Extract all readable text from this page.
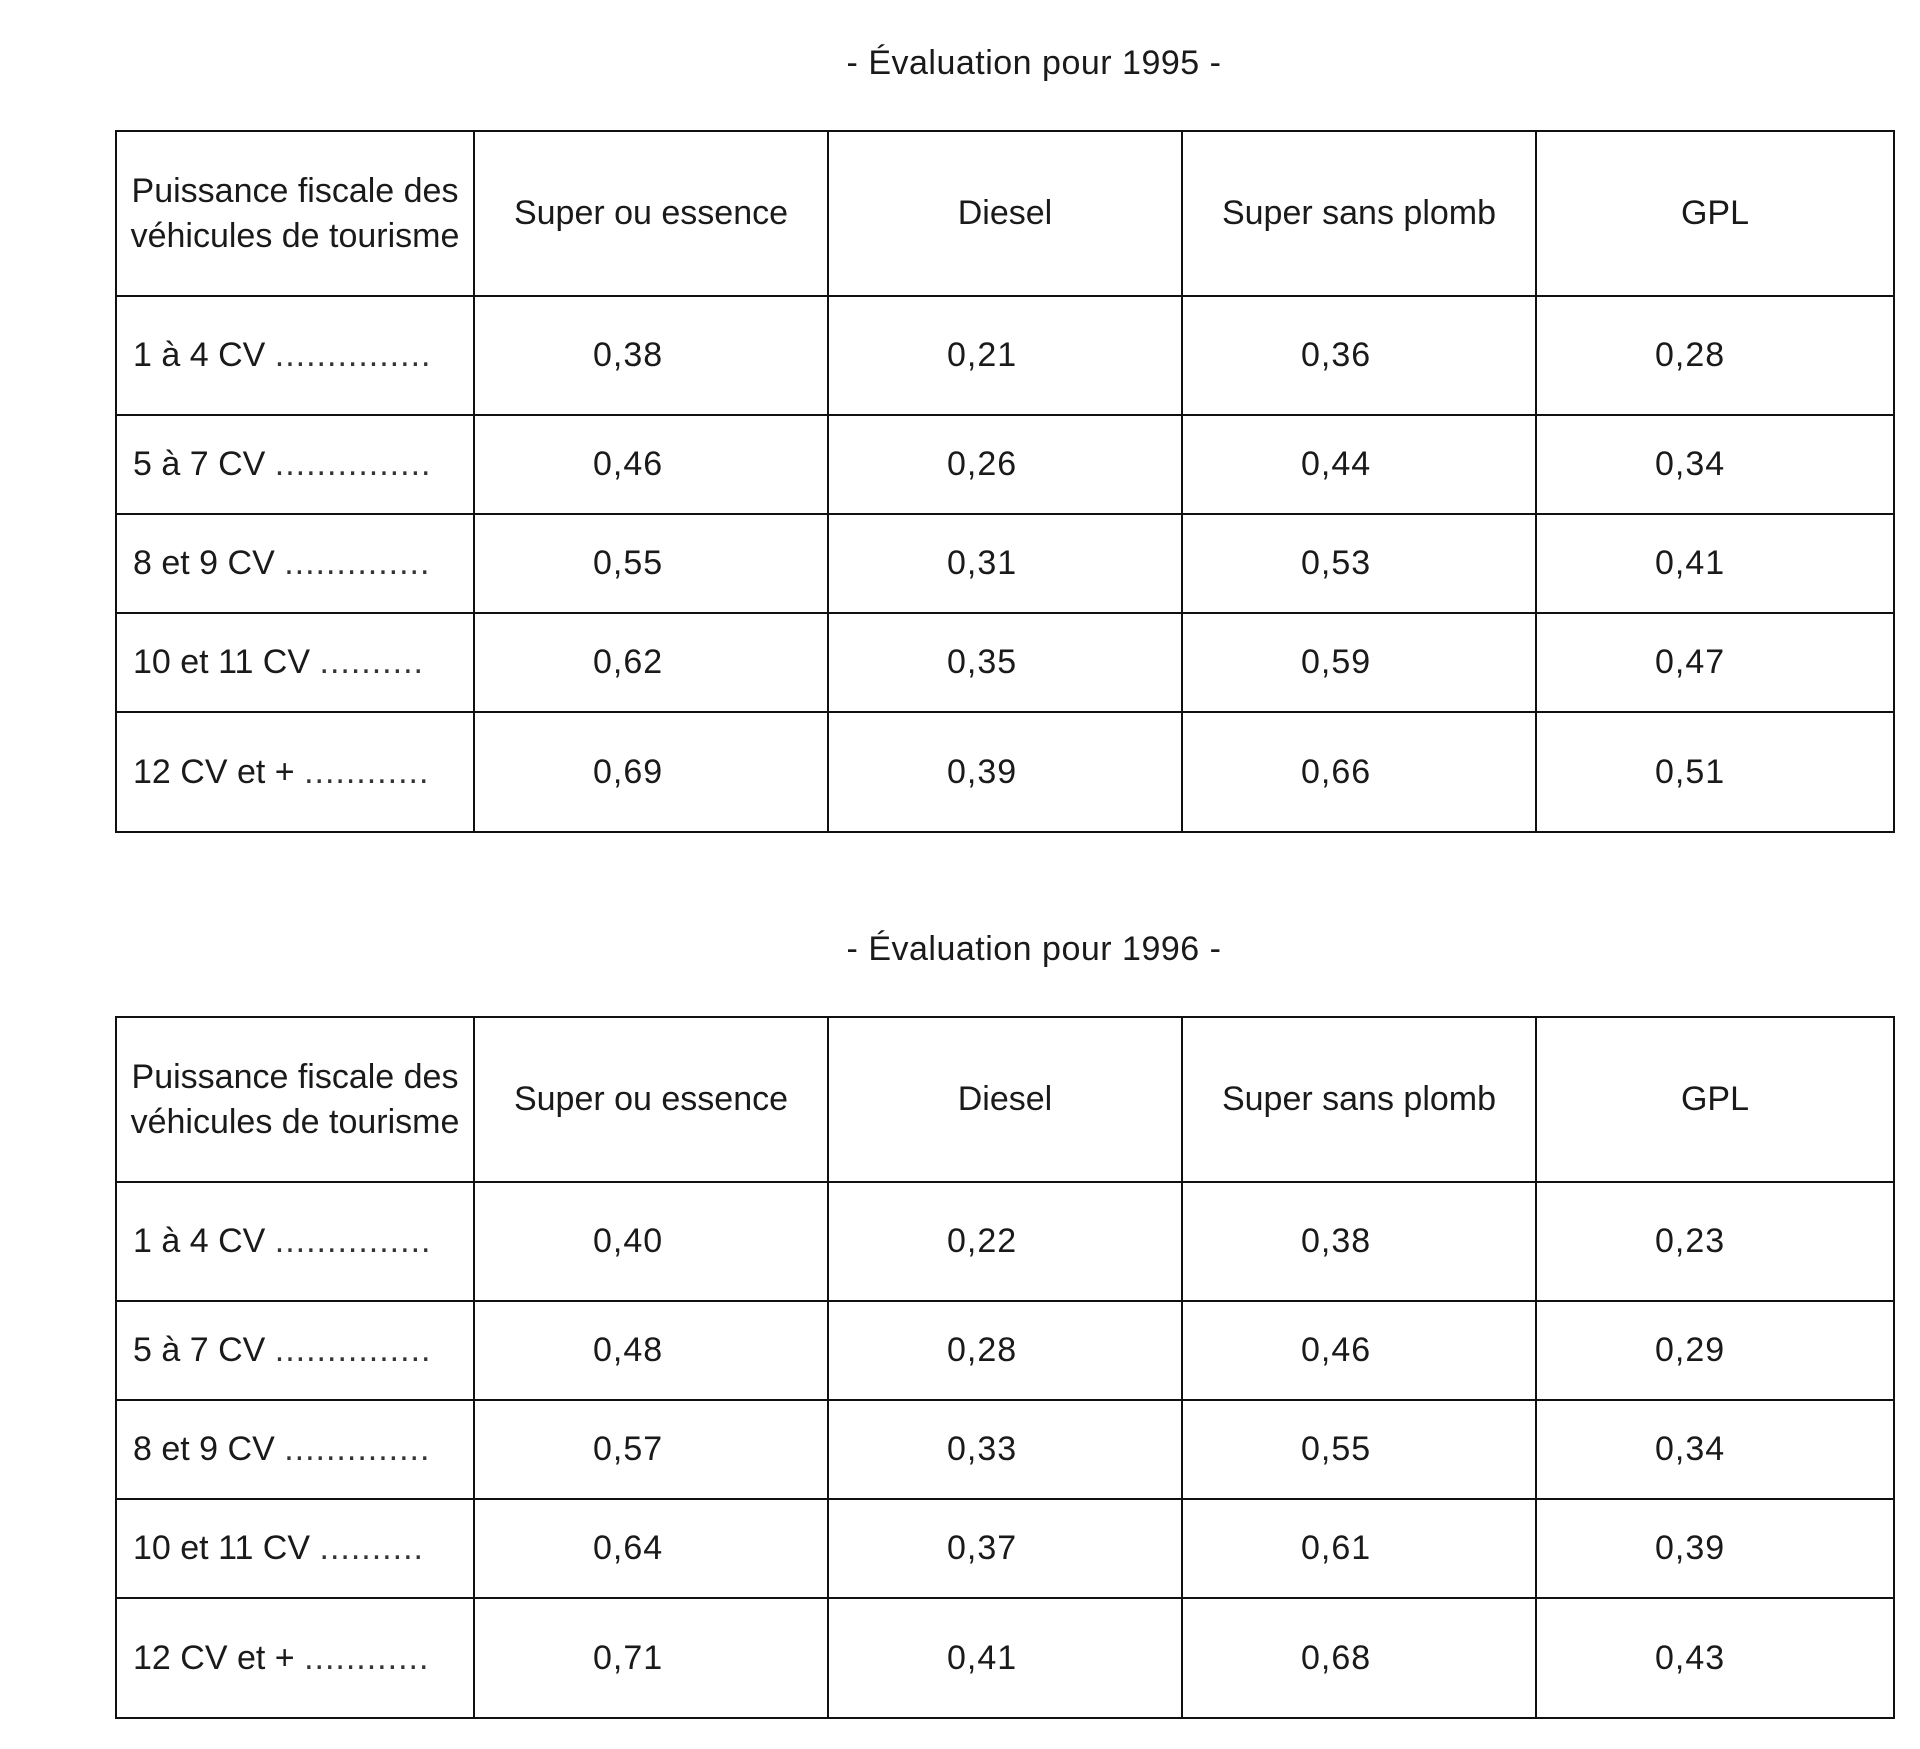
- Évaluation pour 1995 -
Puissance fiscale des véhicules de tourisme	Super ou essence	Diesel	Super sans plomb	GPL
1 à 4 CV ...............	0,38	0,21	0,36	0,28
5 à 7 CV ...............	0,46	0,26	0,44	0,34
8 et 9 CV ..............	0,55	0,31	0,53	0,41
10 et 11 CV ..........	0,62	0,35	0,59	0,47
12 CV et + ............	0,69	0,39	0,66	0,51
- Évaluation pour 1996 -
Puissance fiscale des véhicules de tourisme	Super ou essence	Diesel	Super sans plomb	GPL
1 à 4 CV ...............	0,40	0,22	0,38	0,23
5 à 7 CV ...............	0,48	0,28	0,46	0,29
8 et 9 CV ..............	0,57	0,33	0,55	0,34
10 et 11 CV ..........	0,64	0,37	0,61	0,39
12 CV et + ............	0,71	0,41	0,68	0,43
